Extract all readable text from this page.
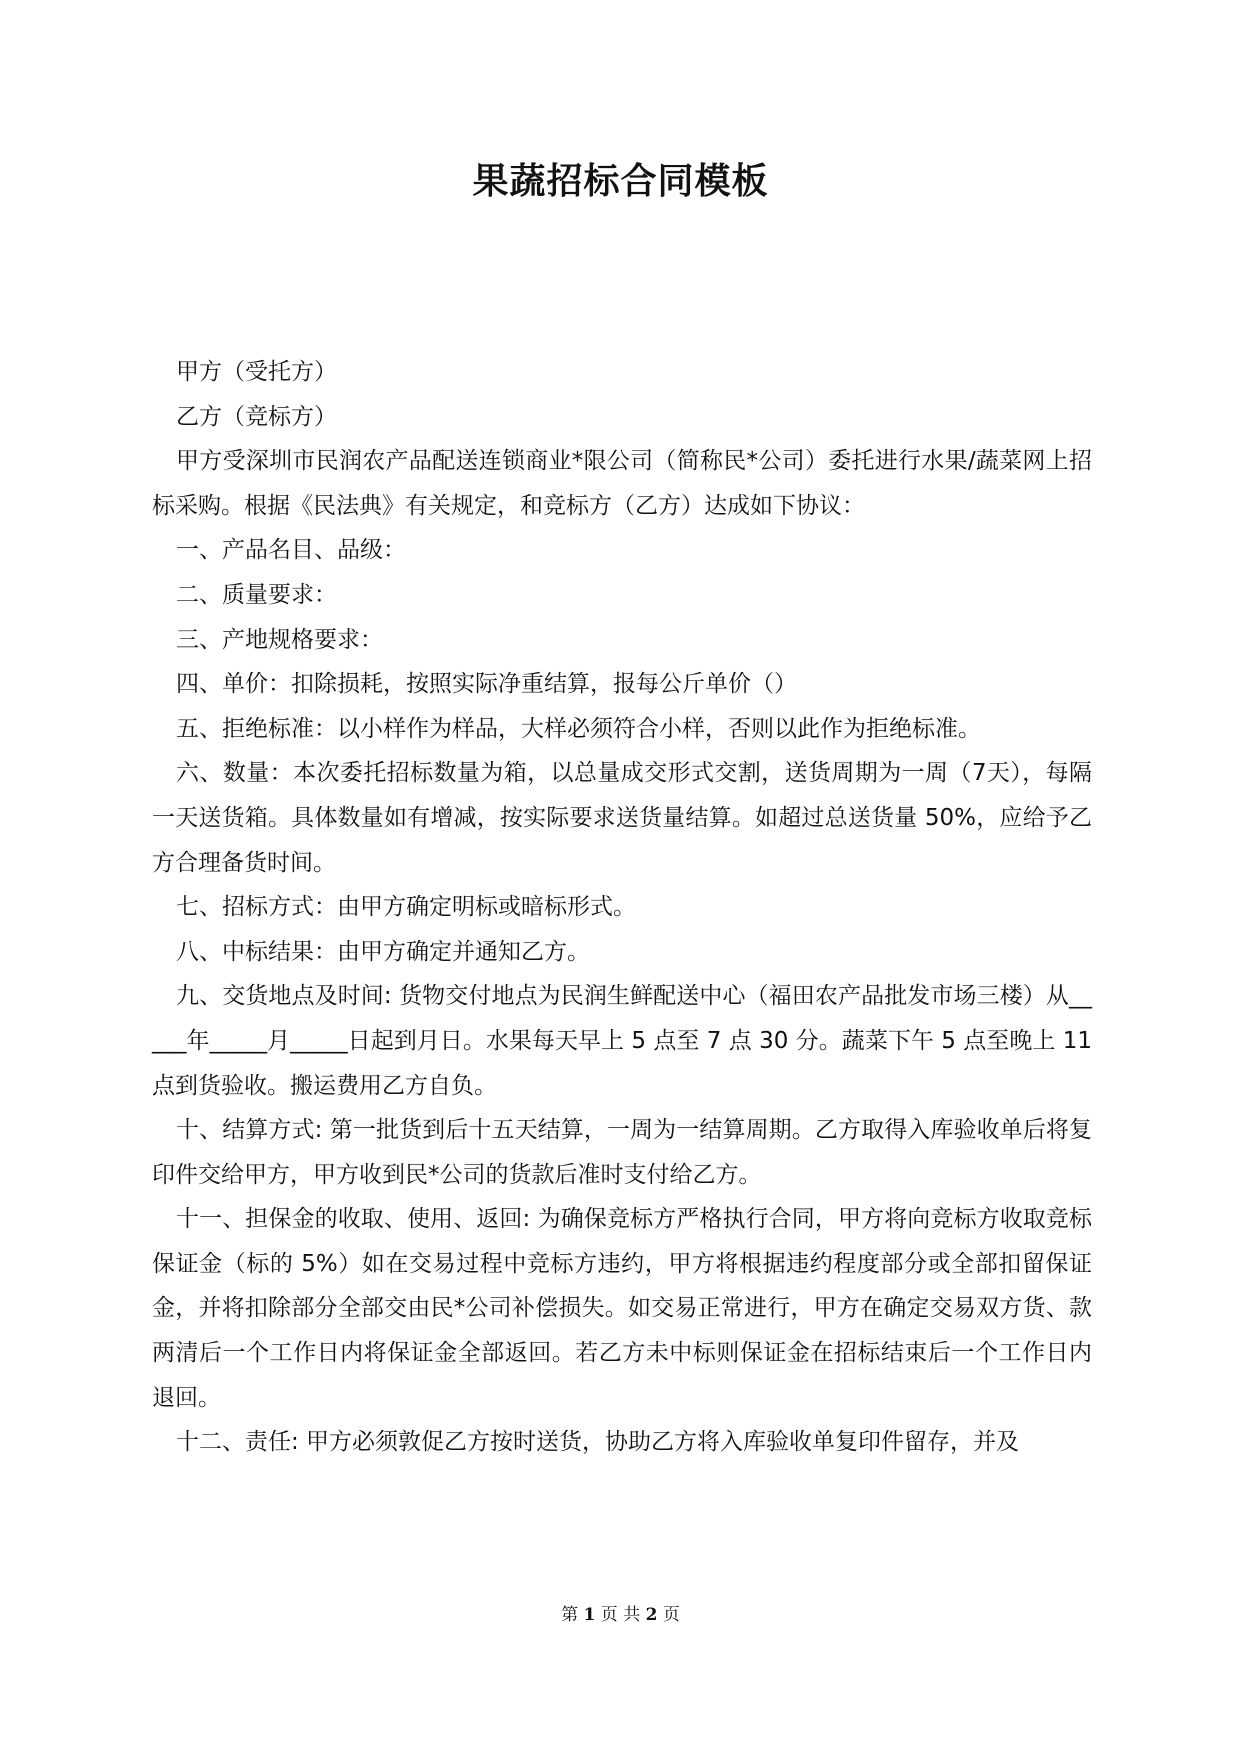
果蔬招标合同模板

甲方（受托方）

乙方（竞标方）

甲方受深圳市民润农产品配送连锁商业*限公司（简称民*公司）委托进行水果/蔬菜网上招标采购。根据《民法典》有关规定，和竞标方（乙方）达成如下协议：

一、产品名目、品级：

二、质量要求：

三、产地规格要求：

四、单价：扣除损耗，按照实际净重结算，报每公斤单价（）

五、拒绝标准：以小样作为样品，大样必须符合小样，否则以此作为拒绝标准。

六、数量：本次委托招标数量为箱，以总量成交形式交割，送货周期为一周（7天），每隔一天送货箱。具体数量如有增减，按实际要求送货量结算。如超过总送货量 50%，应给予乙方合理备货时间。

七、招标方式：由甲方确定明标或暗标形式。

八、中标结果：由甲方确定并通知乙方。

九、交货地点及时间: 货物交付地点为民润生鲜配送中心（福田农产品批发市场三楼）从_____年_____月_____日起到月日。水果每天早上 5 点至 7 点 30 分。蔬菜下午 5 点至晚上 11 点到货验收。搬运费用乙方自负。

十、结算方式: 第一批货到后十五天结算，一周为一结算周期。乙方取得入库验收单后将复印件交给甲方，甲方收到民*公司的货款后准时支付给乙方。

十一、担保金的收取、使用、返回: 为确保竞标方严格执行合同，甲方将向竞标方收取竞标保证金（标的 5%）如在交易过程中竞标方违约，甲方将根据违约程度部分或全部扣留保证金，并将扣除部分全部交由民*公司补偿损失。如交易正常进行，甲方在确定交易双方货、款两清后一个工作日内将保证金全部返回。若乙方未中标则保证金在招标结束后一个工作日内退回。

十二、责任: 甲方必须敦促乙方按时送货，协助乙方将入库验收单复印件留存，并及

第 1 页 共 2 页
